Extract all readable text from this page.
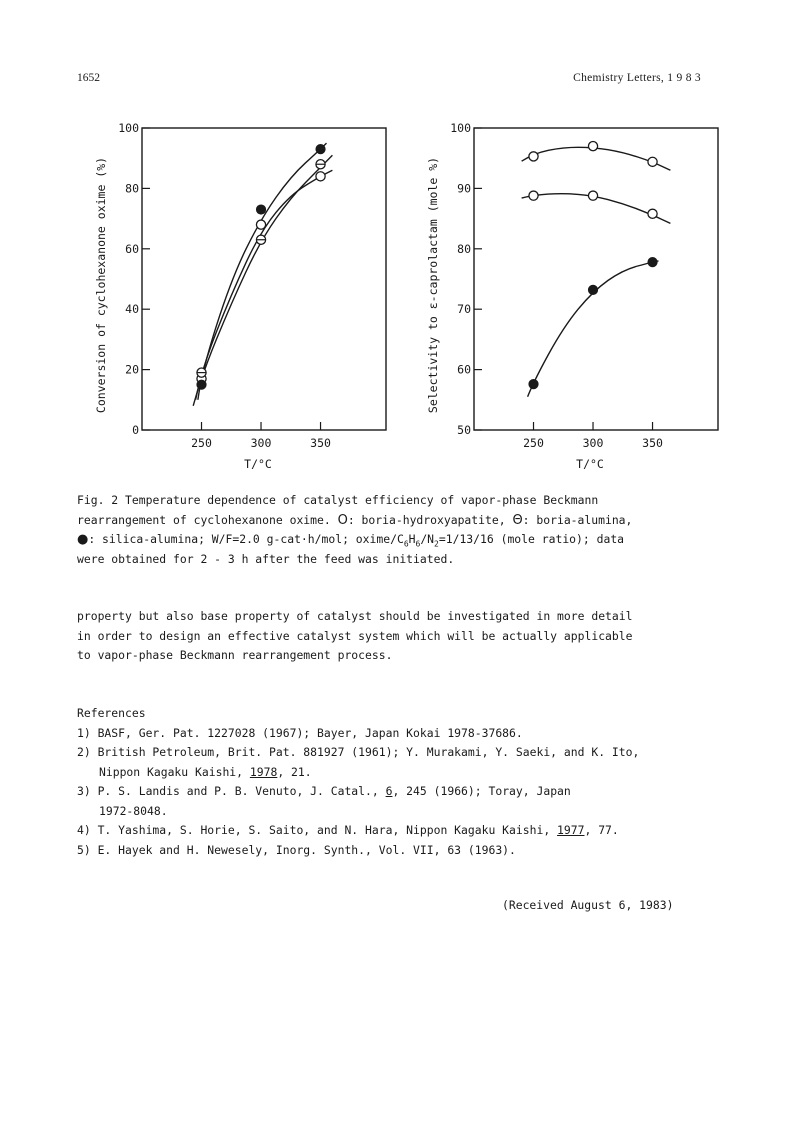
1652	Chemistry Letters, 1 9 8 3
0
20
40
60
80
100
250	300	350
T/°C
Conversion of cyclohexanone oxime (%)
50
60
70
80
90
100
250	300	350
T/°C
Selectivity to ε-caprolactam (mole %)
Fig. 2 Temperature dependence of catalyst efficiency of vapor-phase Beckmann
rearrangement of cyclohexanone oxime. O: boria-hydroxyapatite, Θ: boria-alumina,
●: silica-alumina; W/F=2.0 g-cat·h/mol; oxime/$C_6H_6/N_2=1/13/16$ (mole ratio); data
were obtained for 2 - 3 h after the feed was initiated.
property but also base property of catalyst should be investigated in more detail
in order to design an effective catalyst system which will be actually applicable
to vapor-phase Beckmann rearrangement process.
References
1) BASF, Ger. Pat. 1227028 (1967); Bayer, Japan Kokai 1978-37686.
2) British Petroleum, Brit. Pat. 881927 (1961); Y. Murakami, Y. Saeki, and K. Ito,
Nippon Kagaku Kaishi, 1978, 21.
3) P. S. Landis and P. B. Venuto, J. Catal., 6, 245 (1966); Toray, Japan
1972-8048.
4) T. Yashima, S. Horie, S. Saito, and N. Hara, Nippon Kagaku Kaishi, 1977, 77.
5) E. Hayek and H. Newesely, Inorg. Synth., Vol. VII, 63 (1963).
(Received August 6, 1983)
